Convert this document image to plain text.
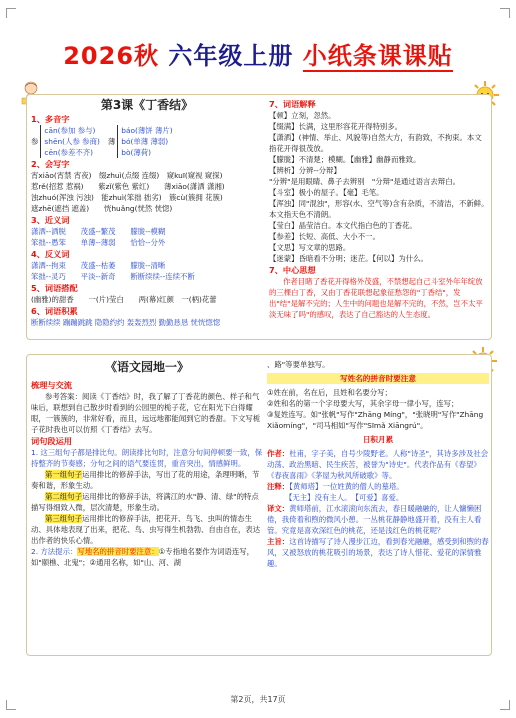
2026秋 六年级上册 小纸条课课贴
第3课《丁香结》
1、多音字
参
cān(参加 参与)
shēn(人参 参商)
cēn(参差不齐)
薄
báo(薄饼 薄片)
bó(单薄 薄弱)
bò(薄荷)
2、会写字
宵xiāo(宵禁 宵夜)　缀zhuì(点缀 连缀)　窥kuī(窥视 窥探)
惹rě(招惹 惹祸)　　紫zǐ(紫色 紫红)　　薄xiāo(潇洒 潇湘)
浊zhuó(浑浊 污浊)　能zhuì(笨拙 拙劣)　簇cù(簇拥 花簇)
遮zhē(遮挡 遮盖)　　恍huǎng(恍然 恍惚)
3、近义词
潇洒--洒脱　　茂盛--繁茂　　朦胧--模糊
笨拙--愚笨　　单薄--薄弱　　恰恰--分外
4、反义词
潇洒--拘束　　茂盛--枯萎　　朦胧--清晰
笨拙--灵巧　　平淡--新奇　　断断续续--连续不断
5、词语搭配
(幽雅)的甜香　　一(片)莹白　　两(幕)红颜　一(柄)花蕾
6、词语积累
断断续续 蹦蹦跳跳 隐隐约约 轰轰烈烈 勤勤恳恳 恍恍惚惚
7、词语解释
【顿】立刻，忽然。
【缀满】长满，这里形容花开得特别多。
【潇洒】(神情、举止、风貌等)自然大方，有韵致，不拘束。本文指花开得很茂放。
【朦胧】不清楚；模糊。【幽雅】幽静而雅致。
【辨析】分辨--分辩】
"分辨"是用眼睛、鼻子去辨别　"分辩"是通过语言去辩白。
【斗室】极小的屋子。【毫】毛笔。
【浑浊】同"混浊"，形容(水、空气等)含有杂质，不清洁，不新鲜。本文指天色不清朗。
【莹白】晶莹洁白。本文代指白色的丁香花。
【参差】长短、高低、大小不一。
【文思】写文章的思路。
【迷蒙】昏暗看不分明；迷茫。【何以】为什么。
7、中心思想
作者目睹了香花开得格外茂盛，不禁想起自己斗室外年年绽放的三棵白丁香，又由丁香花联想起象征愁怨的"丁香结"，发出"结"是解不完的；人生中的问题也是解不完的，不然，岂不太平淡无味了吗"的感叹，表达了自己豁达的人生态度。
《语文园地一》
梳理与交流
参考答案：阅读《丁香结》时，我了解了丁香花的颜色、样子和气味后，联想到自己散步时看到的公园里的栀子花，它在阳光下白得耀眼，一簇簇的，非常好看，而且，远远地都能闻到它的香甜。下文写栀子花时我也可以仿照《丁香结》去写。
词句段运用
1. 这三组句子都是排比句。朗读排比句时，注意分句间停顿要一致，保持整齐的节奏感；分句之间的语气要连贯，重音突出，情感鲜明。
第一组句子运用排比的修辞手法，写出了花的用途，条理明晰，节奏和谐，形象生动。
第二组句子运用排比的修辞手法，将满江的水"静、清、绿"的特点描写得细致入微，层次清楚，形象生动。
第三组句子运用排比的修辞手法，把花开、鸟飞、虫叫的情态生动、具体地表现了出来，把花、鸟、虫写得生机勃勃、自由自在，表达出作者的快乐心情。
2. 方法提示：写地名的拼音时要注意：①专指地名要作为词语连写，如"颐樵、北鬼"；②通用名称，如"山、河、湖
、路"等要单独写。
写姓名的拼音时要注意
①姓在前，名在后，且姓和名要分写；
②姓和名的第一个字母要大写，其余字母一律小写，连写；
③复姓连写。如"张帆"写作"Zhāng Míng"，"张晓明"写作"Zhāng Xiǎomíng"，"司马相如"写作"Sīmǎ Xiāngrú"。
日积月累
作者：杜甫，字子美，自号少陵野老。人称"诗圣"，其诗多涉及社会动荡、政治黑暗、民生疾苦，被誉为"诗史"。代表作品有《春望》《春夜喜雨》《茅屋为秋风所破歌》等。
注释：【黄师塔】一位姓黄的僧人的墓塔。
【无主】没有主人。　【可爱】喜爱。
译文：黄师塔前，江水滚滚向东流去，春日暖融融的，让人慵懒困倦，我倚着和煦的微风小憩。一丛桃花静静地盛开着，没有主人看管。究竟是喜欢深红色的桃花，还是浅红色的桃花呢？
主旨：这首诗描写了诗人漫步江边，看到春光融融，感受到和煦的春风，又被怒放的桃花吸引的场景，表达了诗人惜花、爱花的深情雅趣。
第2页，共17页
